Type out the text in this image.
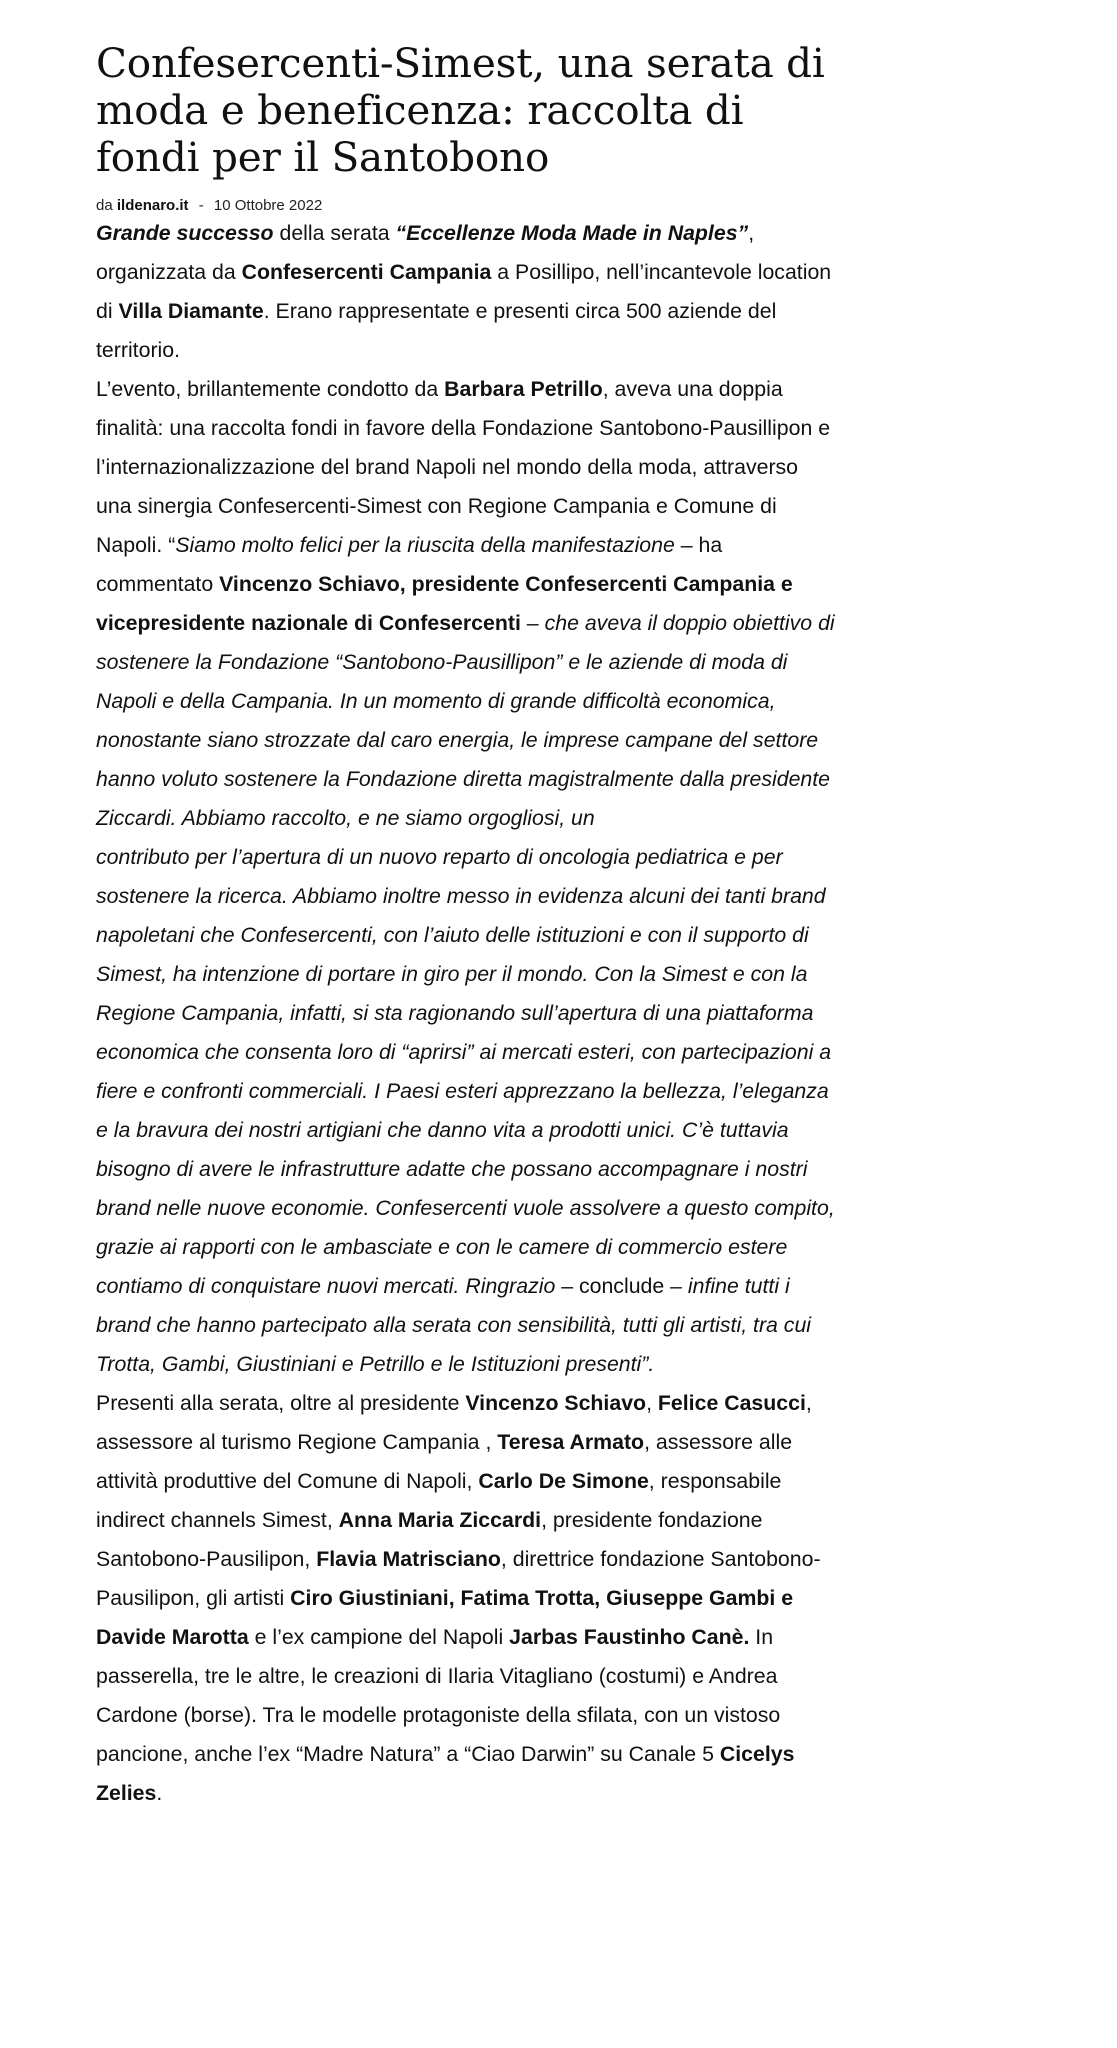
Confesercenti-Simest, una serata di moda e beneficenza: raccolta di fondi per il Santobono
da ildenaro.it - 10 Ottobre 2022

Grande successo della serata “Eccellenze Moda Made in Naples”, organizzata da Confesercenti Campania a Posillipo, nell’incantevole location di Villa Diamante. Erano rappresentate e presenti circa 500 aziende del territorio.

L’evento, brillantemente condotto da Barbara Petrillo, aveva una doppia finalità: una raccolta fondi in favore della Fondazione Santobono-Pausillipon e l’internazionalizzazione del brand Napoli nel mondo della moda, attraverso una sinergia Confesercenti-Simest con Regione Campania e Comune di Napoli. “Siamo molto felici per la riuscita della manifestazione – ha commentato Vincenzo Schiavo, presidente Confesercenti Campania e vicepresidente nazionale di Confesercenti – che aveva il doppio obiettivo di sostenere la Fondazione “Santobono-Pausillipon” e le aziende di moda di Napoli e della Campania. In un momento di grande difficoltà economica, nonostante siano strozzate dal caro energia, le imprese campane del settore hanno voluto sostenere la Fondazione diretta magistralmente dalla presidente Ziccardi. Abbiamo raccolto, e ne siamo orgogliosi, un

contributo per l’apertura di un nuovo reparto di oncologia pediatrica e per sostenere la ricerca. Abbiamo inoltre messo in evidenza alcuni dei tanti brand napoletani che Confesercenti, con l’aiuto delle istituzioni e con il supporto di Simest, ha intenzione di portare in giro per il mondo. Con la Simest e con la Regione Campania, infatti, si sta ragionando sull’apertura di una piattaforma economica che consenta loro di “aprirsi” ai mercati esteri, con partecipazioni a fiere e confronti commerciali. I Paesi esteri apprezzano la bellezza, l’eleganza e la bravura dei nostri artigiani che danno vita a prodotti unici. C’è tuttavia bisogno di avere le infrastrutture adatte che possano accompagnare i nostri brand nelle nuove economie. Confesercenti vuole assolvere a questo compito, grazie ai rapporti con le ambasciate e con le camere di commercio estere contiamo di conquistare nuovi mercati. Ringrazio – conclude – infine tutti i brand che hanno partecipato alla serata con sensibilità, tutti gli artisti, tra cui Trotta, Gambi, Giustiniani e Petrillo e le Istituzioni presenti”.

Presenti alla serata, oltre al presidente Vincenzo Schiavo, Felice Casucci, assessore al turismo Regione Campania , Teresa Armato, assessore alle attività produttive del Comune di Napoli, Carlo De Simone, responsabile indirect channels Simest, Anna Maria Ziccardi, presidente fondazione Santobono-Pausilipon, Flavia Matrisciano, direttrice fondazione Santobono-Pausilipon, gli artisti Ciro Giustiniani, Fatima Trotta, Giuseppe Gambi e Davide Marotta e l’ex campione del Napoli Jarbas Faustinho Canè. In passerella, tre le altre, le creazioni di Ilaria Vitagliano (costumi) e Andrea Cardone (borse). Tra le modelle protagoniste della sfilata, con un vistoso pancione, anche l’ex “Madre Natura” a “Ciao Darwin” su Canale 5 Cicelys Zelies.
